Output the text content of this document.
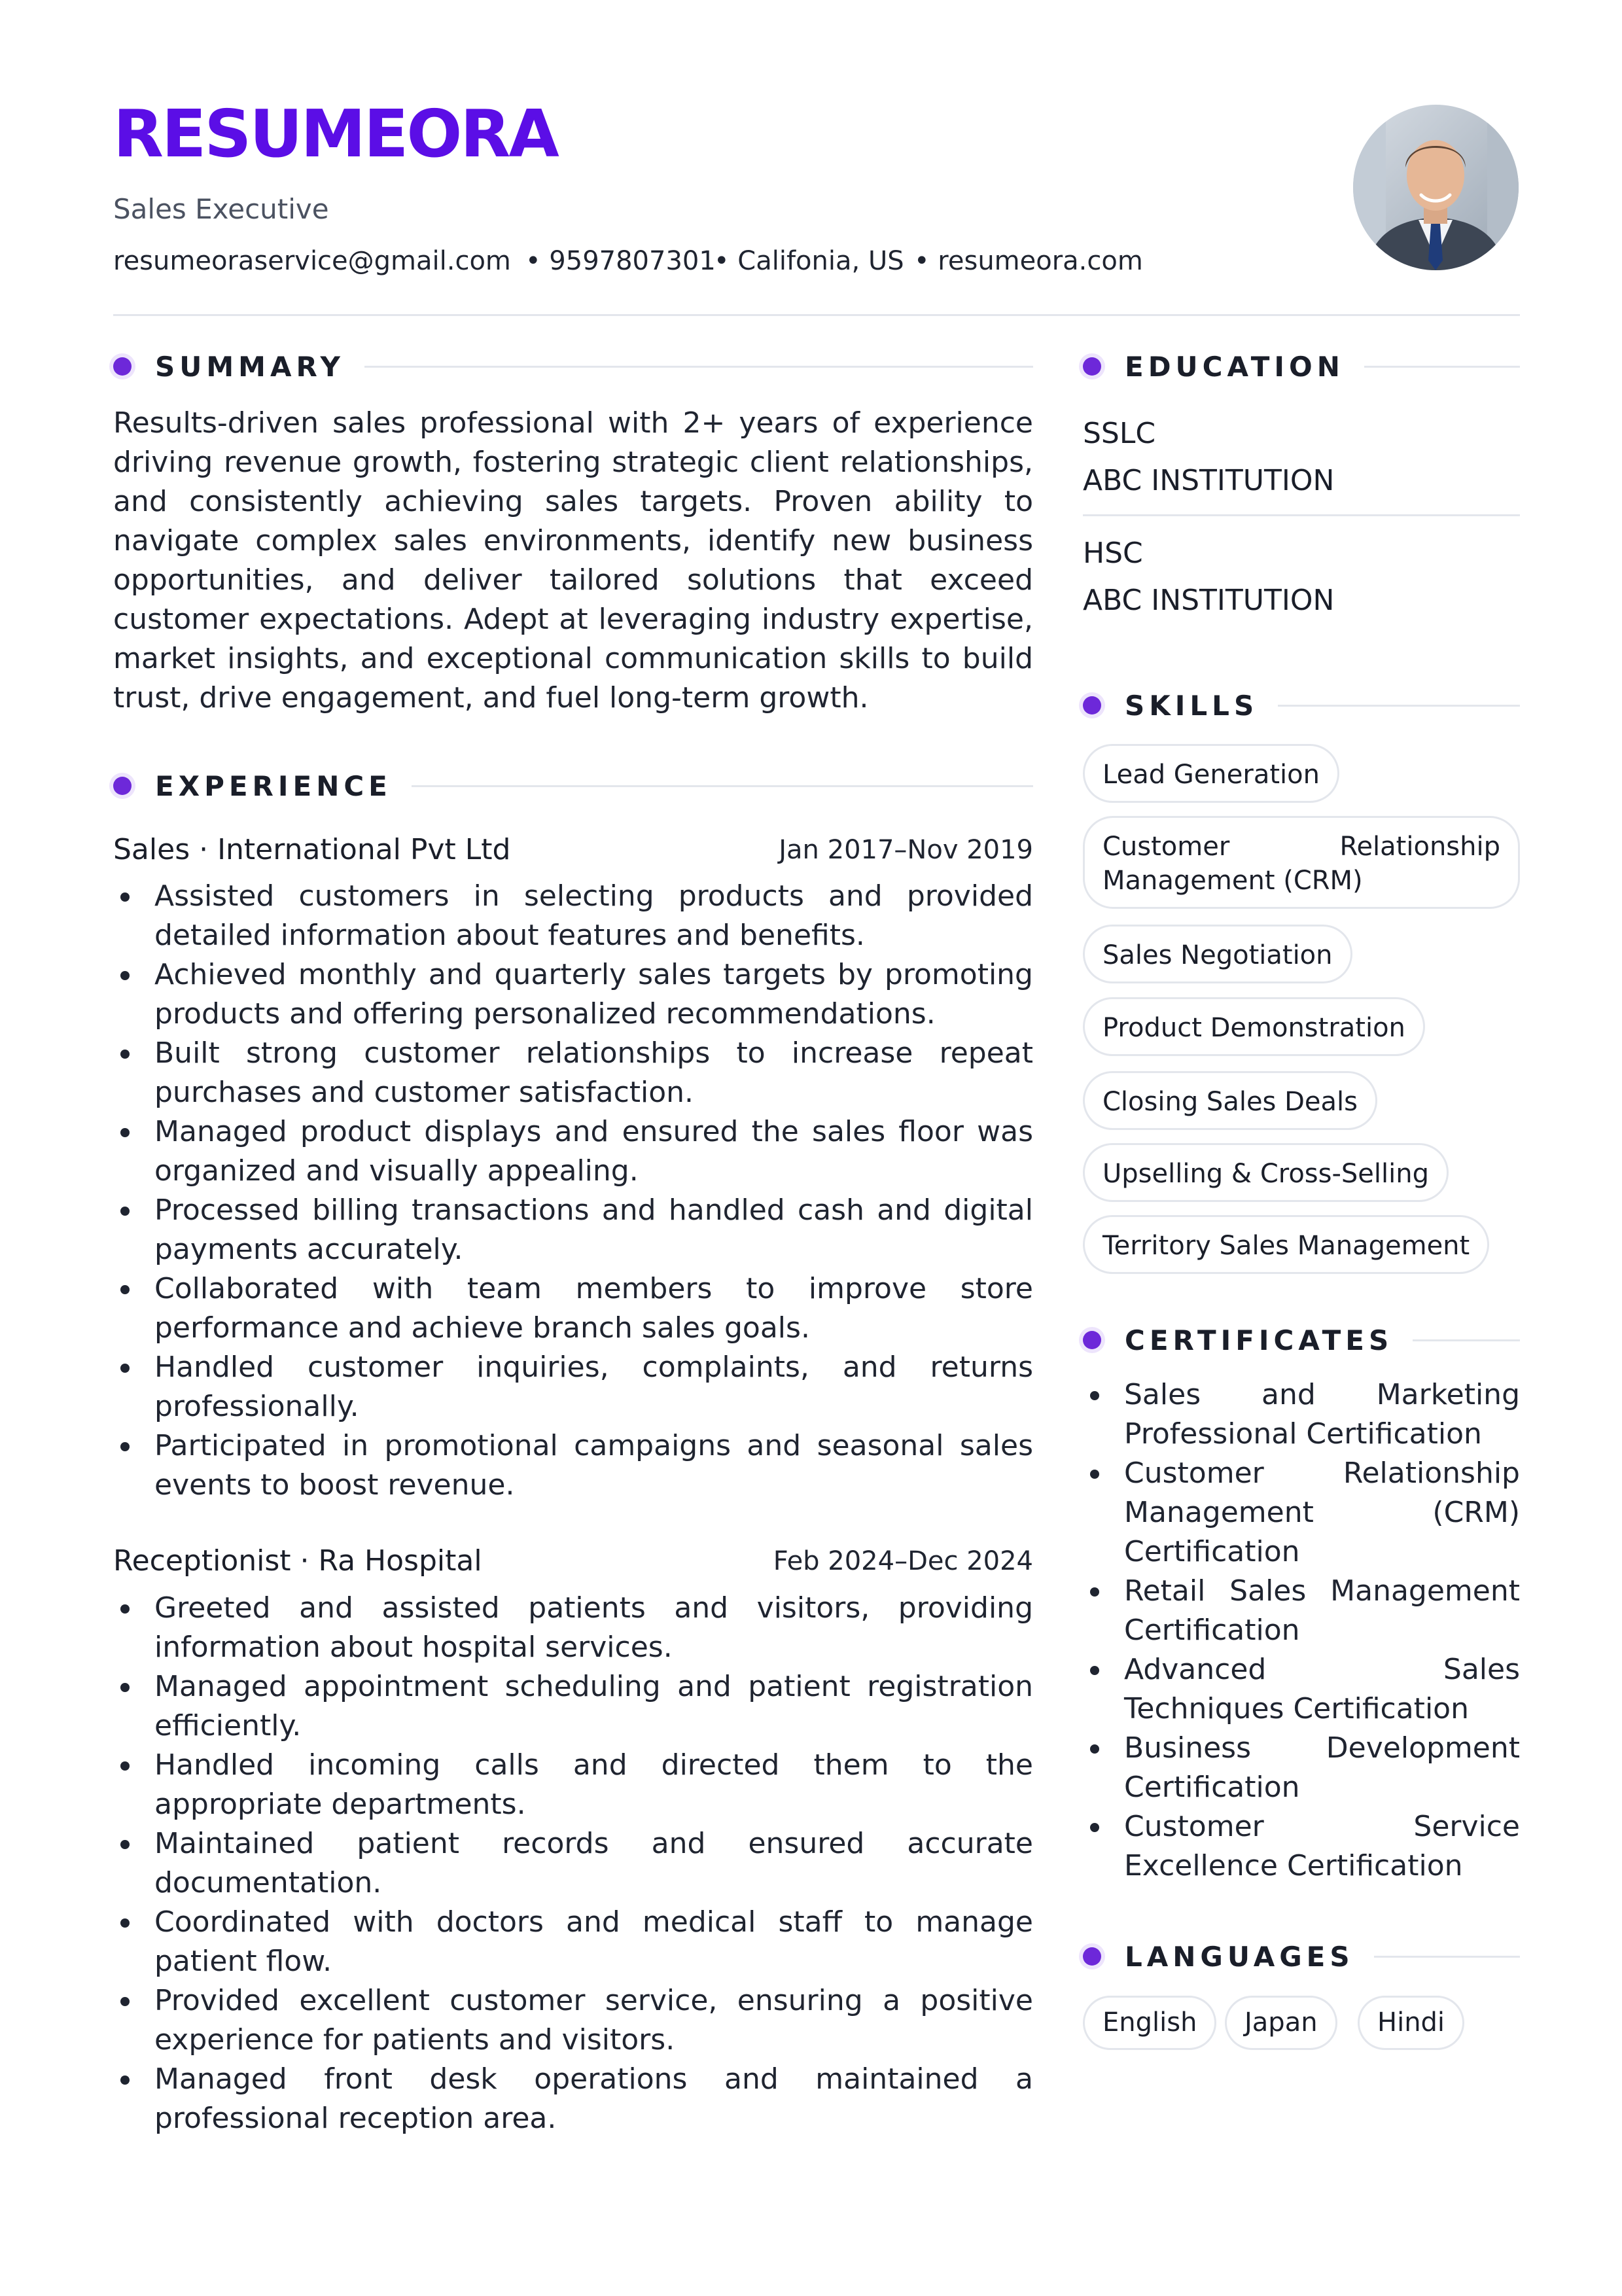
RESUMEORA
Sales Executive
resumeoraservice@gmail.com • 9597807301
• Califonia, US • resumeora.com
SUMMARY
Results-driven sales professional with 2+ years of experience driving revenue growth, fostering strategic client relationships, and consistently achieving sales targets. Proven ability to navigate complex sales environments, identify new business opportunities, and deliver tailored solutions that exceed customer expectations. Adept at leveraging industry expertise, market insights, and exceptional communication skills to build trust, drive engagement, and fuel long-term growth.
EXPERIENCE
Sales · International Pvt Ltd	Jan 2017–Nov 2019
Assisted customers in selecting products and provided detailed information about features and benefits.
Achieved monthly and quarterly sales targets by promoting products and offering personalized recommendations.
Built strong customer relationships to increase repeat purchases and customer satisfaction.
Managed product displays and ensured the sales floor was organized and visually appealing.
Processed billing transactions and handled cash and digital payments accurately.
Collaborated with team members to improve store performance and achieve branch sales goals.
Handled customer inquiries, complaints, and returns professionally.
Participated in promotional campaigns and seasonal sales events to boost revenue.
Receptionist · Ra Hospital	Feb 2024–Dec 2024
Greeted and assisted patients and visitors, providing information about hospital services.
Managed appointment scheduling and patient registration efficiently.
Handled incoming calls and directed them to the appropriate departments.
Maintained patient records and ensured accurate documentation.
Coordinated with doctors and medical staff to manage patient flow.
Provided excellent customer service, ensuring a positive experience for patients and visitors.
Managed front desk operations and maintained a professional reception area.
EDUCATION
SSLC
ABC INSTITUTION
HSC
ABC INSTITUTION
SKILLS
Lead Generation
Customer Relationship Management (CRM)
Sales Negotiation
Product Demonstration
Closing Sales Deals
Upselling & Cross-Selling
Territory Sales Management
CERTIFICATES
Sales and Marketing Professional Certification
Customer Relationship Management (CRM) Certification
Retail Sales Management Certification
Advanced Sales Techniques Certification
Business Development Certification
Customer Service Excellence Certification
LANGUAGES
English	Japan	Hindi
